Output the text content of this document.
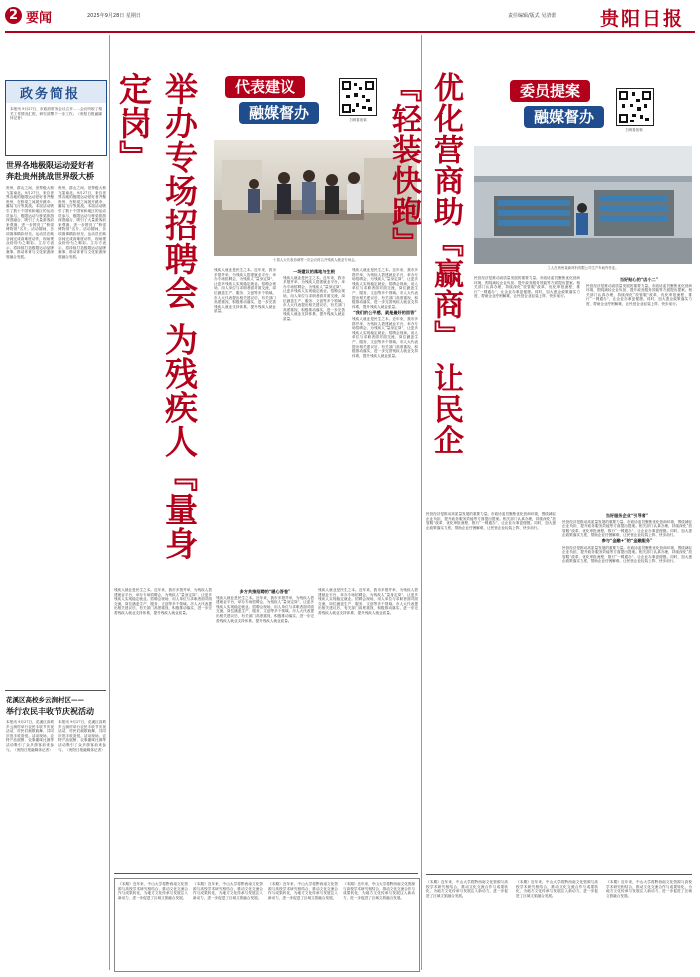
2 要闻	2025年9月28日 星期日	责任编辑/版式 吴清蕾 贵阳日报
政务简报
本报讯 9月27日，市政府常务会议召开……会议听取了相关工作情况汇报，研究部署下一步工作。（贵阳日报融媒体记者）
世界各地极限运动爱好者
奔赴贵州挑战世界级大桥
贵州，群山之间，世界级大桥飞架南北。9月27日，来自世界各地的极限运动爱好者齐聚贵州，在桥梁之间展开跳伞、翼装飞行等挑战。本届活动吸引了数十个国家和地区的运动员参与，极限运动与桥梁旅游深度融合，吸引了大量游客前来观赛，进一步擦亮了“桥梁博物馆”名片。活动期间，各项赛事精彩纷呈，运动员在峡谷间完成高难度动作，现场观众纷纷为之喝彩。主办方表示，将持续打造极限运动品牌赛事，推动体育与文化旅游深度融合发展。
贵州，群山之间，世界级大桥飞架南北。9月27日，来自世界各地的极限运动爱好者齐聚贵州，在桥梁之间展开跳伞、翼装飞行等挑战。本届活动吸引了数十个国家和地区的运动员参与，极限运动与桥梁旅游深度融合，吸引了大量游客前来观赛，进一步擦亮了“桥梁博物馆”名片。活动期间，各项赛事精彩纷呈，运动员在峡谷间完成高难度动作，现场观众纷纷为之喝彩。主办方表示，将持续打造极限运动品牌赛事，推动体育与文化旅游深度融合发展。
花溪区高校乡云涧村区——
举行农民丰收节庆祝活动
本报讯 9月27日，花溪区高坡乡云涧村举行农民丰收节庆祝活动，村民们载歌载舞，共同庆祝丰收喜悦。活动现场，农特产品展销、农事趣味比赛等活动吸引了众多游客前来参与。（贵阳日报融媒体记者）
本报讯 9月27日，花溪区高坡乡云涧村举行农民丰收节庆祝活动，村民们载歌载舞，共同庆祝丰收喜悦。活动现场，农特产品展销、农事趣味比赛等活动吸引了众多游客前来参与。（贵阳日报融媒体记者）
举办专场招聘会 为残疾人『量身定岗』	代表建议
融媒督办	扫码看视频
十届人大代表协商等一次会议再召开残疾人就业专场会。
残疾人就业是民生之本。近年来，我市多措并举，为残疾人搭建就业平台，举办专场招聘会，为残疾人“量身定岗”，让更多残疾人实现稳定就业。招聘会现场，用人单位与求职者面对面交流，岗位涵盖生产、服务、文创等多个领域。市人大代表提出相关建议后，有关部门高度重视，积极推动落实，进一步完善残疾人就业支持体系，提升残疾人就业质量。
一场建议的落地与生根
残疾人就业是民生之本。近年来，我市多措并举，为残疾人搭建就业平台，举办专场招聘会，为残疾人“量身定岗”，让更多残疾人实现稳定就业。招聘会现场，用人单位与求职者面对面交流，岗位涵盖生产、服务、文创等多个领域。市人大代表提出相关建议后，有关部门高度重视，积极推动落实，进一步完善残疾人就业支持体系，提升残疾人就业质量。
残疾人就业是民生之本。近年来，我市多措并举，为残疾人搭建就业平台，举办专场招聘会，为残疾人“量身定岗”，让更多残疾人实现稳定就业。招聘会现场，用人单位与求职者面对面交流，岗位涵盖生产、服务、文创等多个领域。市人大代表提出相关建议后，有关部门高度重视，积极推动落实，进一步完善残疾人就业支持体系，提升残疾人就业质量。
“我们的公平感，就是最好的回答”
残疾人就业是民生之本。近年来，我市多措并举，为残疾人搭建就业平台，举办专场招聘会，为残疾人“量身定岗”，让更多残疾人实现稳定就业。招聘会现场，用人单位与求职者面对面交流，岗位涵盖生产、服务、文创等多个领域。市人大代表提出相关建议后，有关部门高度重视，积极推动落实，进一步完善残疾人就业支持体系，提升残疾人就业质量。
残疾人就业是民生之本。近年来，我市多措并举，为残疾人搭建就业平台，举办专场招聘会，为残疾人“量身定岗”，让更多残疾人实现稳定就业。招聘会现场，用人单位与求职者面对面交流，岗位涵盖生产、服务、文创等多个领域。市人大代表提出相关建议后，有关部门高度重视，积极推动落实，进一步完善残疾人就业支持体系，提升残疾人就业质量。
多方共推招聘的“暖心答卷”
残疾人就业是民生之本。近年来，我市多措并举，为残疾人搭建就业平台，举办专场招聘会，为残疾人“量身定岗”，让更多残疾人实现稳定就业。招聘会现场，用人单位与求职者面对面交流，岗位涵盖生产、服务、文创等多个领域。市人大代表提出相关建议后，有关部门高度重视，积极推动落实，进一步完善残疾人就业支持体系，提升残疾人就业质量。
残疾人就业是民生之本。近年来，我市多措并举，为残疾人搭建就业平台，举办专场招聘会，为残疾人“量身定岗”，让更多残疾人实现稳定就业。招聘会现场，用人单位与求职者面对面交流，岗位涵盖生产、服务、文创等多个领域。市人大代表提出相关建议后，有关部门高度重视，积极推动落实，进一步完善残疾人就业支持体系，提升残疾人就业质量。
《本期》近年来，中山大学将黔西南文化资源与高校学术研究相结合，推动文化交流合作与成果转化，为地方文化传承与发展注入新动力，进一步促进了区域文旅融合发展。
《本期》近年来，中山大学将黔西南文化资源与高校学术研究相结合，推动文化交流合作与成果转化，为地方文化传承与发展注入新动力，进一步促进了区域文旅融合发展。
《本期》近年来，中山大学将黔西南文化资源与高校学术研究相结合，推动文化交流合作与成果转化，为地方文化传承与发展注入新动力，进一步促进了区域文旅融合发展。
《本期》近年来，中山大学将黔西南文化资源与高校学术研究相结合，推动文化交流合作与成果转化，为地方文化传承与发展注入新动力，进一步促进了区域文旅融合发展。
优化营商助『赢商』 让民企『轻装快跑』	委员提案
融媒督办
扫码看视频
工人在贵州某新材料有限公司生产车间内作业。
民营经济是推动高质量发展的重要力量。市政协委员聚焦优化营商环境，围绕减轻企业负担、提升政务服务效能等方面提出提案。相关部门认真办理，持续深化“放管服”改革，优化审批流程，推行“一网通办”，让企业办事更便捷。同时，加大惠企政策落实力度，帮助企业纾困解难，让民营企业轻装上阵、快步前行。
当好贴心的“店小二”
民营经济是推动高质量发展的重要力量。市政协委员聚焦优化营商环境，围绕减轻企业负担、提升政务服务效能等方面提出提案。相关部门认真办理，持续深化“放管服”改革，优化审批流程，推行“一网通办”，让企业办事更便捷。同时，加大惠企政策落实力度，帮助企业纾困解难，让民营企业轻装上阵、快步前行。
民营经济是推动高质量发展的重要力量。市政协委员聚焦优化营商环境，围绕减轻企业负担、提升政务服务效能等方面提出提案。相关部门认真办理，持续深化“放管服”改革，优化审批流程，推行“一网通办”，让企业办事更便捷。同时，加大惠企政策落实力度，帮助企业纾困解难，让民营企业轻装上阵、快步前行。
当好服务企业“引导者”
民营经济是推动高质量发展的重要力量。市政协委员聚焦优化营商环境，围绕减轻企业负担、提升政务服务效能等方面提出提案。相关部门认真办理，持续深化“放管服”改革，优化审批流程，推行“一网通办”，让企业办事更便捷。同时，加大惠企政策落实力度，帮助企业纾困解难，让民营企业轻装上阵、快步前行。
参与“金融+”的“金融服务”
民营经济是推动高质量发展的重要力量。市政协委员聚焦优化营商环境，围绕减轻企业负担、提升政务服务效能等方面提出提案。相关部门认真办理，持续深化“放管服”改革，优化审批流程，推行“一网通办”，让企业办事更便捷。同时，加大惠企政策落实力度，帮助企业纾困解难，让民营企业轻装上阵、快步前行。
《本期》近年来，中山大学将黔西南文化资源与高校学术研究相结合，推动文化交流合作与成果转化，为地方文化传承与发展注入新动力，进一步促进了区域文旅融合发展。
《本期》近年来，中山大学将黔西南文化资源与高校学术研究相结合，推动文化交流合作与成果转化，为地方文化传承与发展注入新动力，进一步促进了区域文旅融合发展。
《本期》近年来，中山大学将黔西南文化资源与高校学术研究相结合，推动文化交流合作与成果转化，为地方文化传承与发展注入新动力，进一步促进了区域文旅融合发展。
